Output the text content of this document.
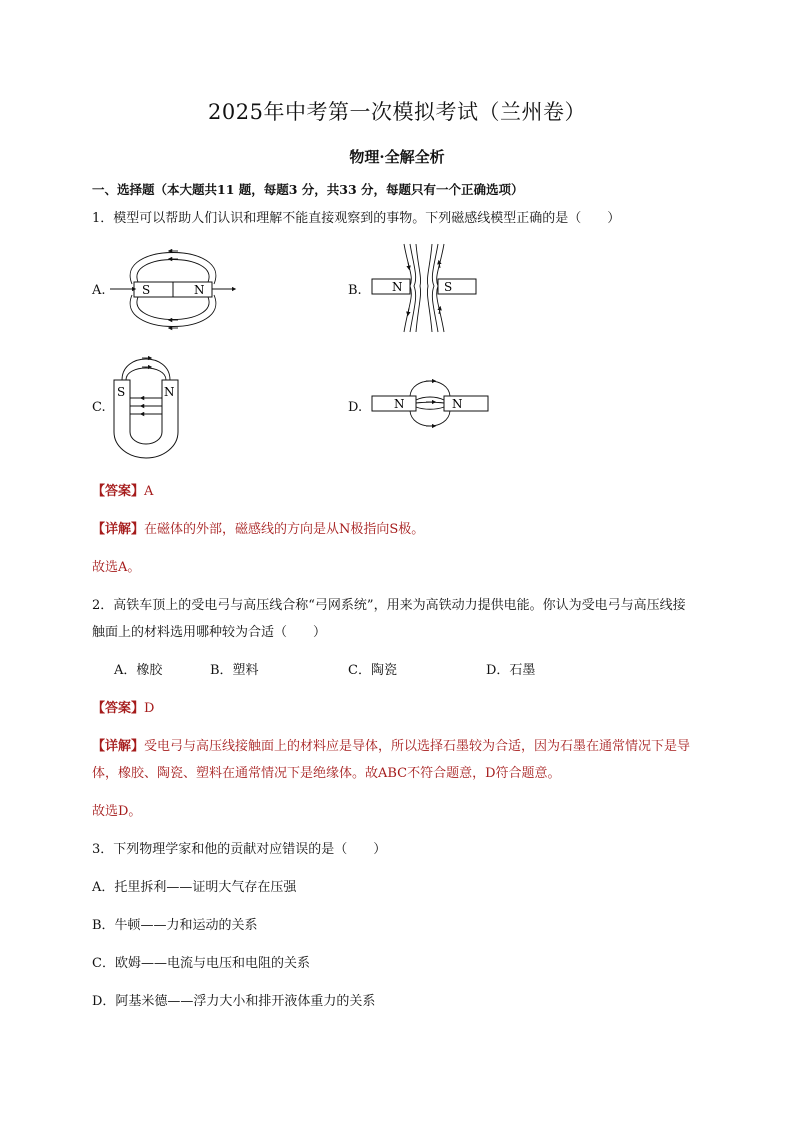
2025年中考第一次模拟考试（兰州卷）
物理·全解全析
一、选择题（本大题共11 题，每题3 分，共33 分，每题只有一个正确选项）
1．模型可以帮助人们认识和理解不能直接观察到的事物。下列磁感线模型正确的是（　　）
A.	B.
C.	D.
S	N	N	S
S	N
N	N
【答案】A
【详解】在磁体的外部，磁感线的方向是从N极指向S极。
故选A。
2．高铁车顶上的受电弓与高压线合称“弓网系统”，用来为高铁动力提供电能。你认为受电弓与高压线接
触面上的材料选用哪种较为合适（　　）
A．橡胶	B．塑料	C．陶瓷	D．石墨
【答案】D
【详解】受电弓与高压线接触面上的材料应是导体，所以选择石墨较为合适，因为石墨在通常情况下是导
体，橡胶、陶瓷、塑料在通常情况下是绝缘体。故ABC不符合题意，D符合题意。
故选D。
3．下列物理学家和他的贡献对应错误的是（　　）
A．托里拆利——证明大气存在压强
B．牛顿——力和运动的关系
C．欧姆——电流与电压和电阻的关系
D．阿基米德——浮力大小和排开液体重力的关系
